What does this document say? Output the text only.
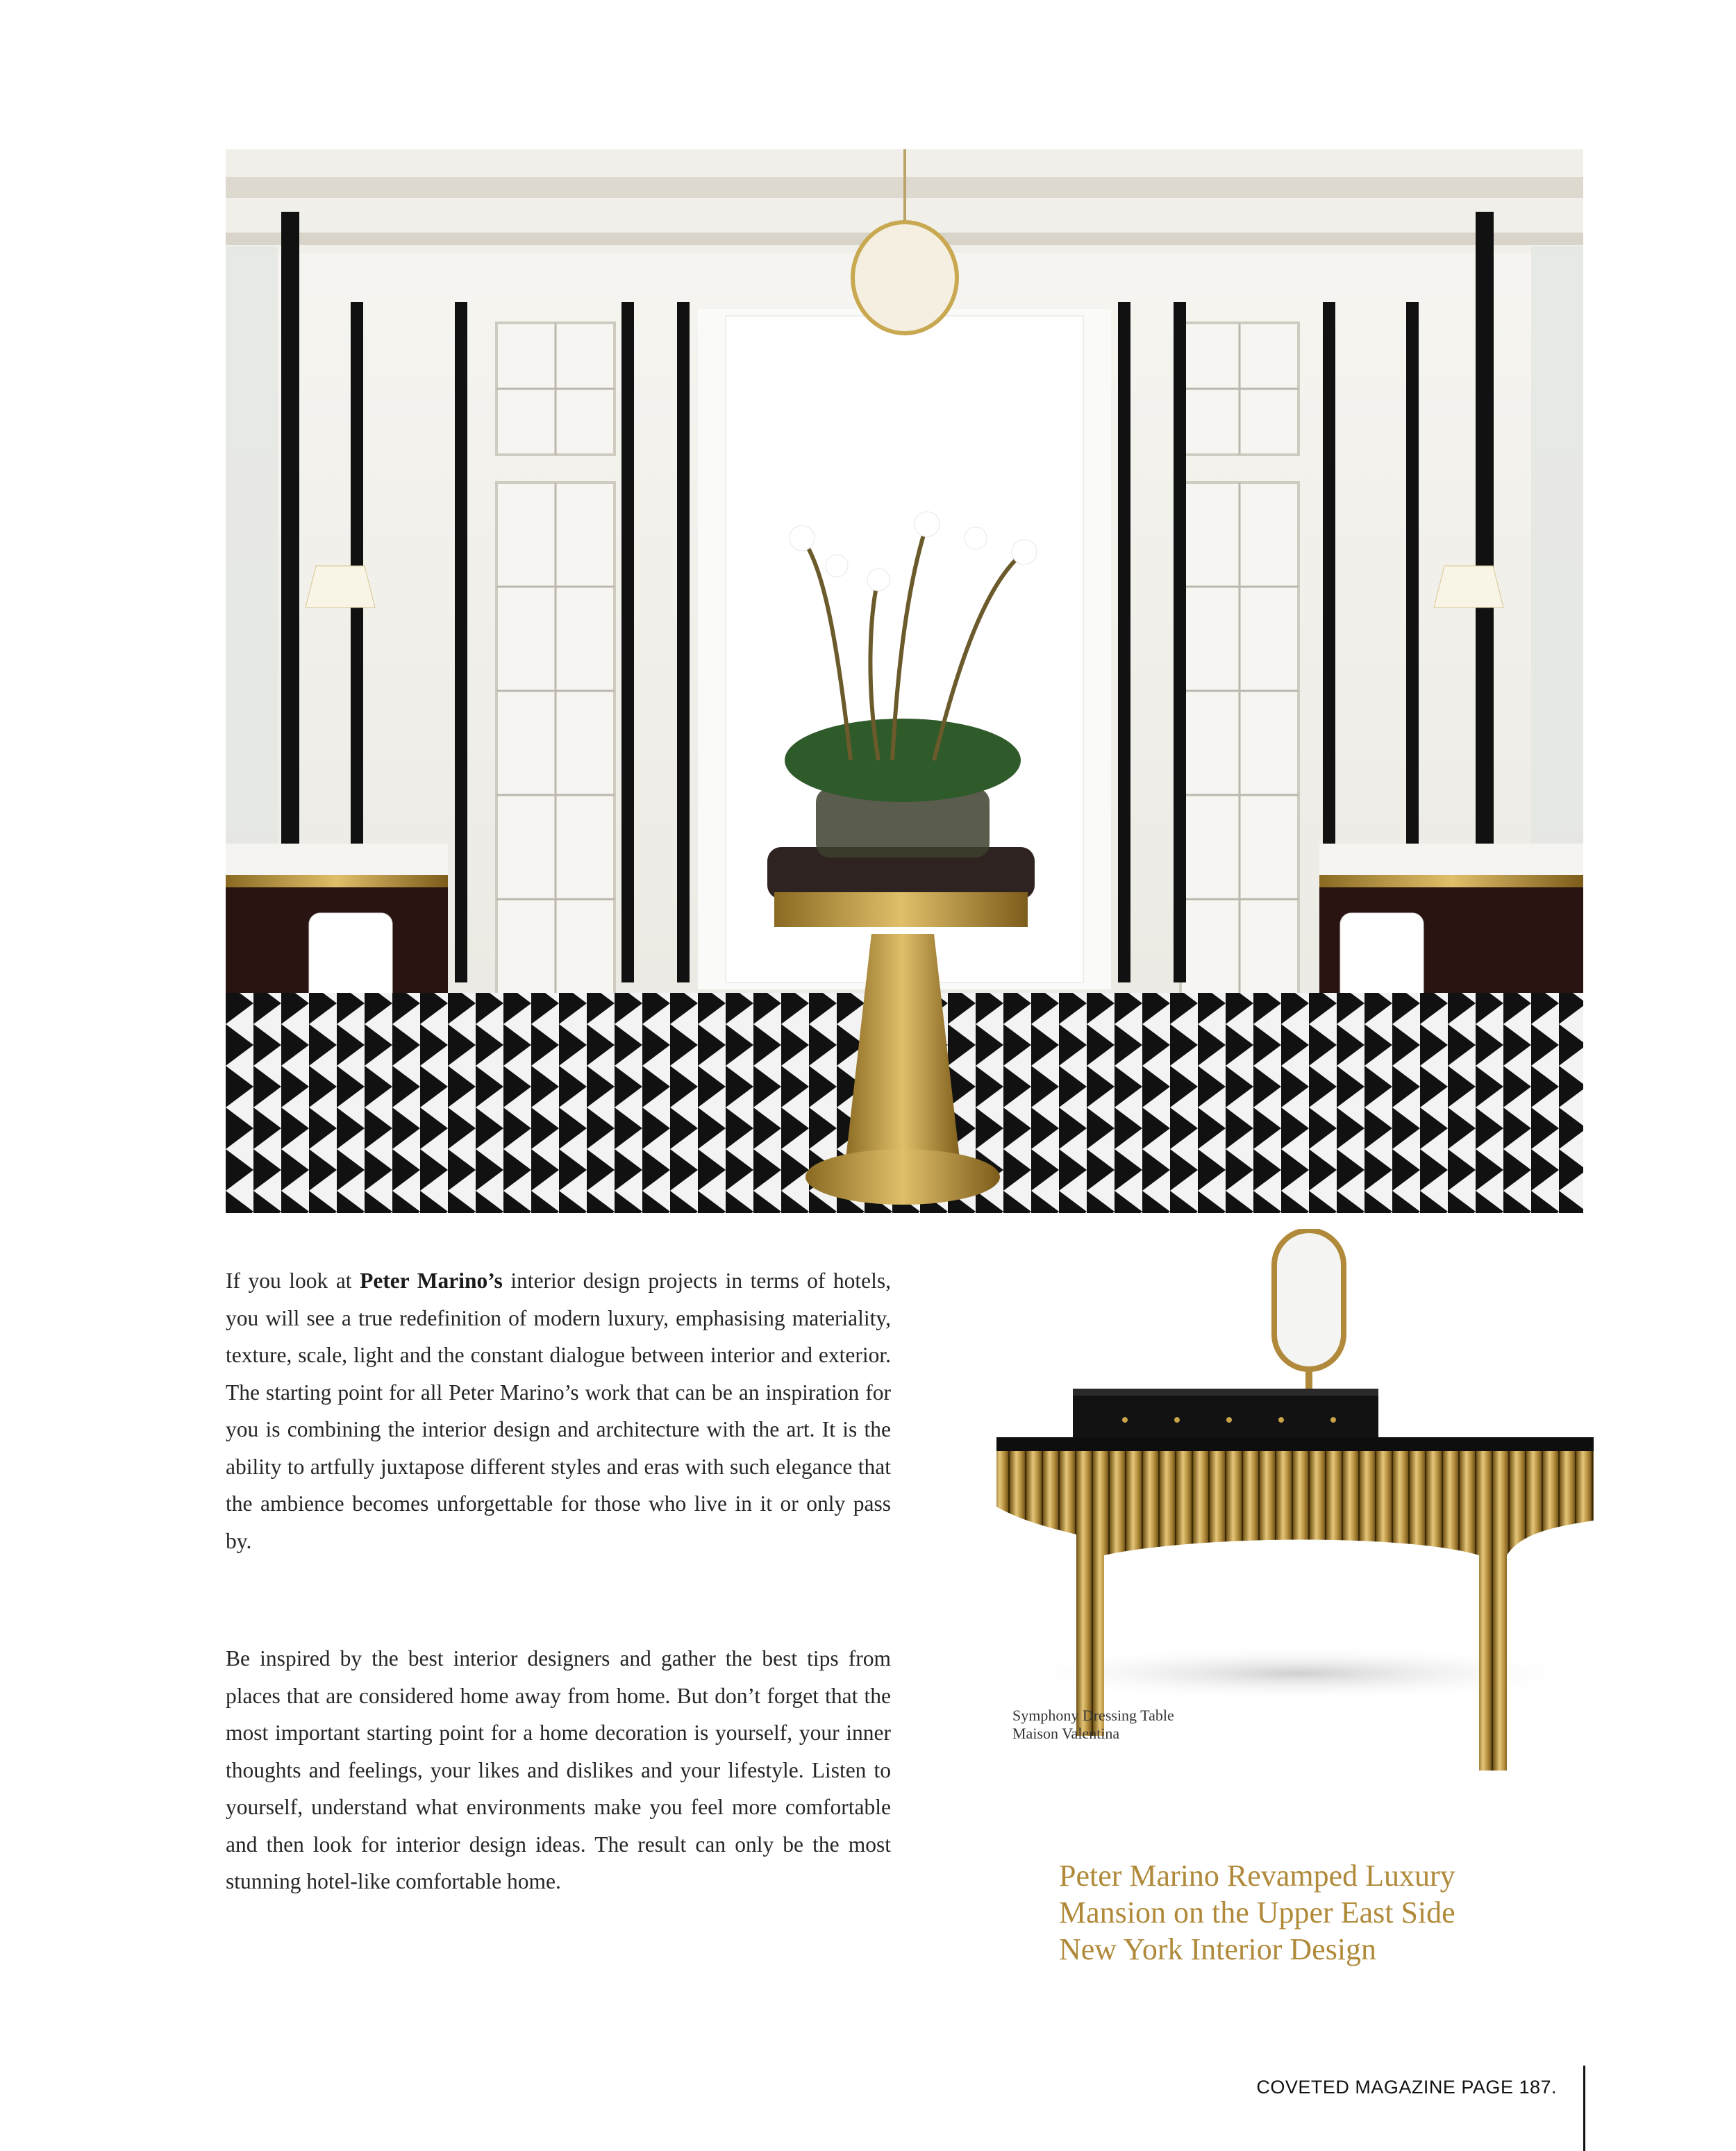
If you look at Peter Marino’s interior design projects in terms of hotels, you will see a true redefinition of modern luxury, emphasising materiality, texture, scale, light and the constant dialogue between interior and exterior. The starting point for all Peter Marino’s work that can be an inspiration for you is combining the interior design and architecture with the art. It is the ability to artfully juxtapose different styles and eras with such elegance that the ambience becomes unforgettable for those who live in it or only pass by.
Be inspired by the best interior designers and gather the best tips from places that are considered home away from home. But don’t forget that the most important starting point for a home decoration is yourself, your inner thoughts and feelings, your likes and dislikes and your lifestyle. Listen to yourself, understand what environments make you feel more comfortable and then look for interior design ideas. The result can only be the most stunning hotel-like comfortable home.
Symphony Dressing Table
Maison Valentina
Peter Marino Revamped Luxury
Mansion on the Upper East Side
New York Interior Design
COVETED MAGAZINE PAGE 187.
